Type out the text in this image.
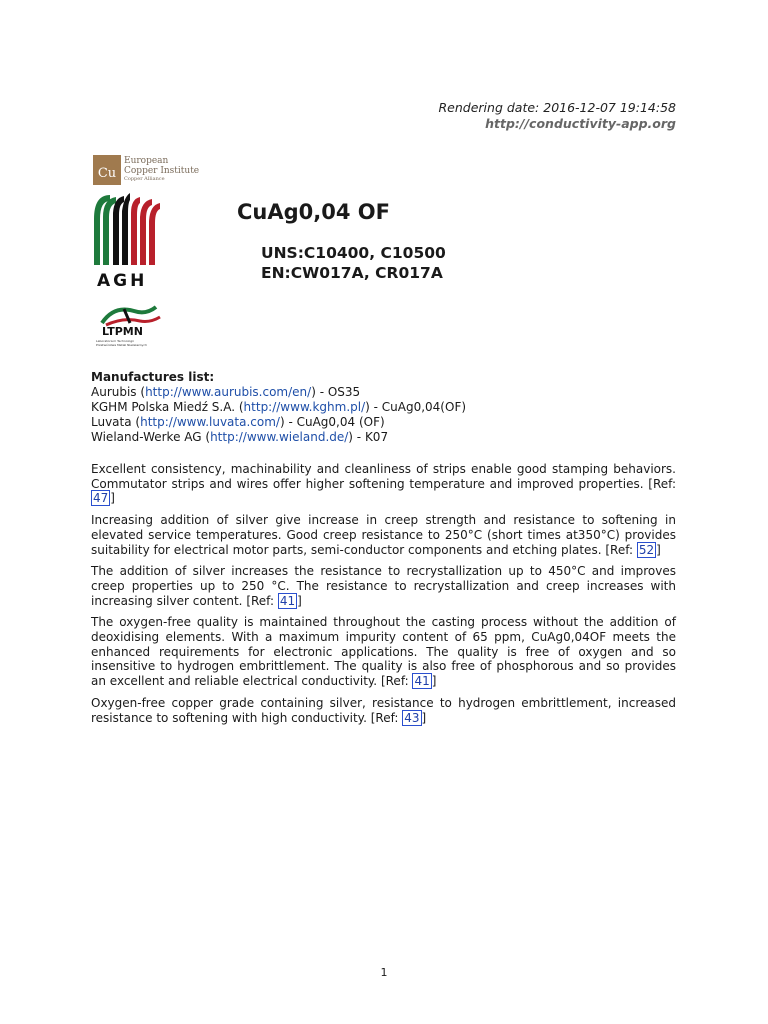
Rendering date: 2016-12-07 19:14:58
http://conductivity-app.org
Cu
European
Copper Institute
Copper Alliance
AGH
LTPMN
Laboratorium Technologii
Przetwórstwa Metali Nieżelaznych
CuAg0,04 OF
UNS:C10400, C10500
EN:CW017A, CR017A
Manufactures list:
Aurubis (http://www.aurubis.com/en/) - OS35
KGHM Polska Miedź S.A. (http://www.kghm.pl/) - CuAg0,04(OF)
Luvata (http://www.luvata.com/) - CuAg0,04 (OF)
Wieland-Werke AG (http://www.wieland.de/) - K07

Excellent consistency, machinability and cleanliness of strips enable good stamping behaviors. Commutator strips and wires offer higher softening temperature and improved properties. [Ref: 47 ]

Increasing addition of silver give increase in creep strength and resistance to softening in elevated service temperatures. Good creep resistance to 250°C (short times at350°C) provides suitability for electrical motor parts, semi-conductor components and etching plates. [Ref: 52 ]

The addition of silver increases the resistance to recrystallization up to 450°C and improves creep properties up to 250 °C. The resistance to recrystallization and creep increases with increasing silver content. [Ref: 41 ]

The oxygen-free quality is maintained throughout the casting process without the addition of deoxidising elements. With a maximum impurity content of 65 ppm, CuAg0,04OF meets the enhanced requirements for electronic applications. The quality is free of oxygen and so insensitive to hydrogen embrittlement. The quality is also free of phosphorous and so provides an excellent and reliable electrical conductivity. [Ref: 41 ]

Oxygen-free copper grade containing silver, resistance to hydrogen embrittlement, increased resistance to softening with high conductivity. [Ref: 43 ]

1
